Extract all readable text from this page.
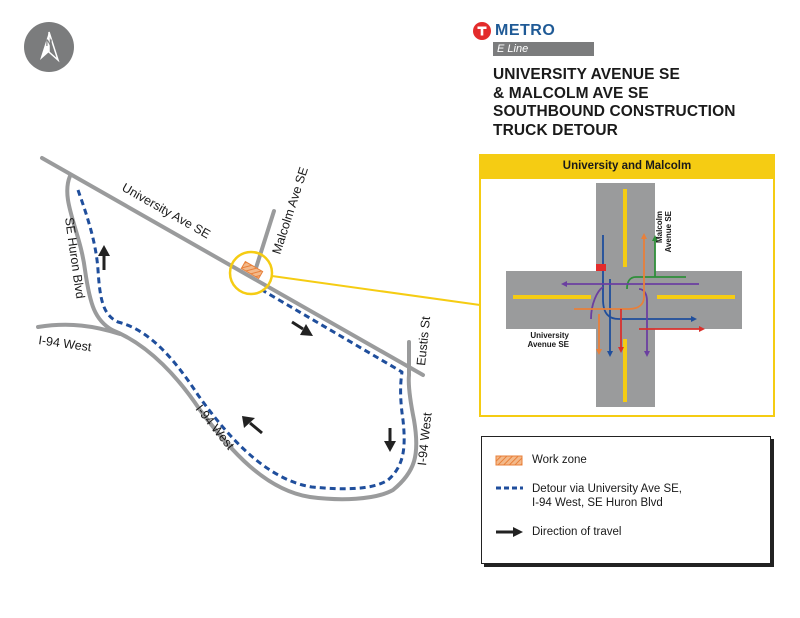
N
University Ave SE	Malcolm Ave SE
SE Huron Blvd
I-94 West
I-94 West	I-94 West
Eustis St
METRO
E Line
UNIVERSITY AVENUE SE
& MALCOLM AVE SE
SOUTHBOUND CONSTRUCTION
TRUCK DETOUR
University and Malcolm
Malcolm Avenue SE
University
Avenue SE
Work zone
Detour via University Ave SE,
I-94 West, SE Huron Blvd
Direction of travel
